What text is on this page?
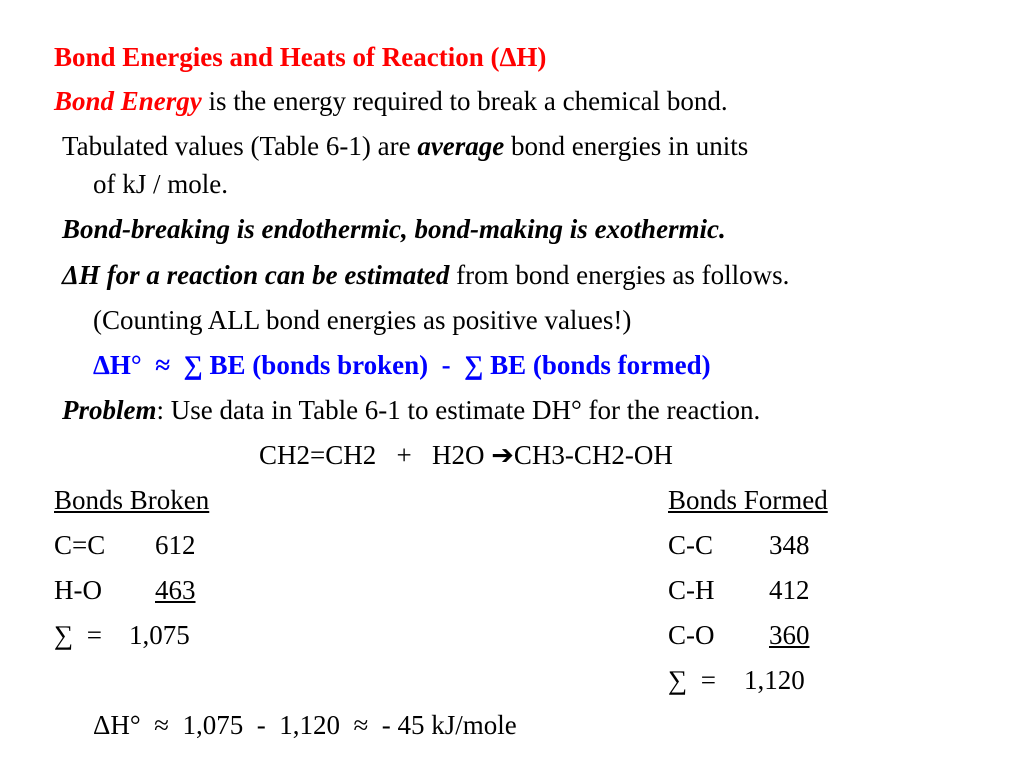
Bond Energies and Heats of Reaction (ΔH)
Bond Energy is the energy required to break a chemical bond.
Tabulated values (Table 6-1) are average bond energies in units
of kJ / mole.
Bond-breaking is endothermic, bond-making is exothermic.
ΔH for a reaction can be estimated from bond energies as follows.
(Counting ALL bond energies as positive values!)
ΔH°  ≈  ∑ BE (bonds broken)  -  ∑ BE (bonds formed)
Problem: Use data in Table 6-1 to estimate DH° for the reaction.
CH2=CH2   +   H2O ➔CH3-CH2-OH
Bonds Broken
C=C 612
H-O 463
∑  = 1,075
Bonds Formed
C-C 348
C-H 412
C-O 360
∑  = 1,120
ΔH°  ≈  1,075  -  1,120  ≈  - 45 kJ/mole
